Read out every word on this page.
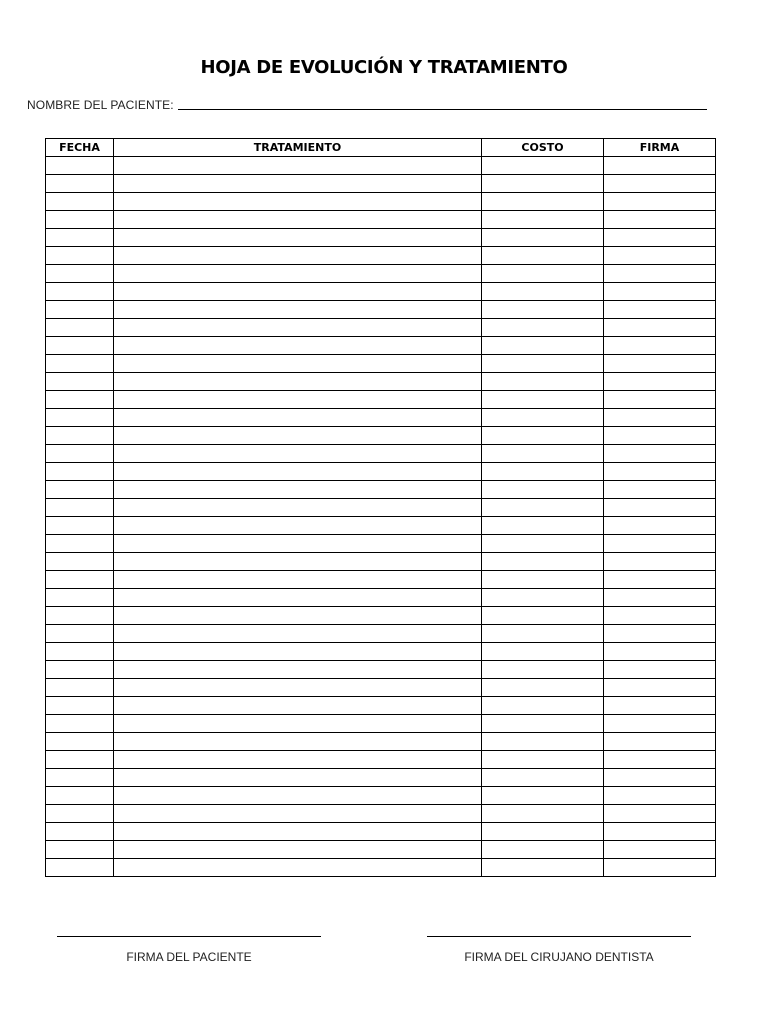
HOJA DE EVOLUCIÓN Y TRATAMIENTO
NOMBRE DEL PACIENTE:
FECHA	TRATAMIENTO	COSTO	FIRMA

FIRMA DEL PACIENTE	FIRMA DEL CIRUJANO DENTISTA
